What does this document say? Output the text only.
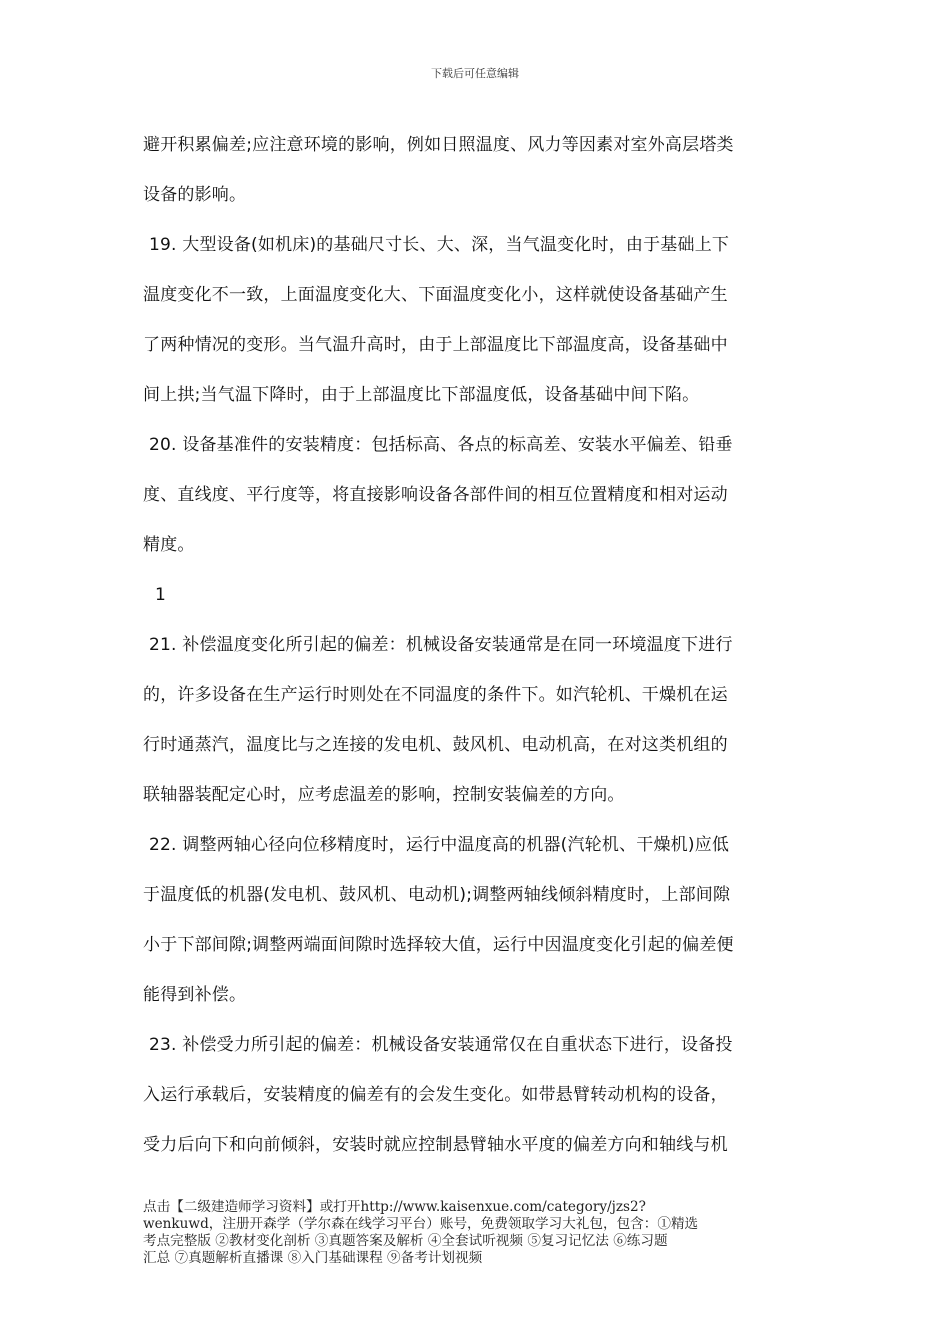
下载后可任意编辑
避开积累偏差;应注意环境的影响，例如日照温度、风力等因素对室外高层塔类
设备的影响。
19. 大型设备(如机床)的基础尺寸长、大、深，当气温变化时，由于基础上下
温度变化不一致，上面温度变化大、下面温度变化小，这样就使设备基础产生
了两种情况的变形。当气温升高时，由于上部温度比下部温度高，设备基础中
间上拱;当气温下降时，由于上部温度比下部温度低，设备基础中间下陷。
20. 设备基准件的安装精度：包括标高、各点的标高差、安装水平偏差、铅垂
度、直线度、平行度等，将直接影响设备各部件间的相互位置精度和相对运动
精度。
1
21. 补偿温度变化所引起的偏差：机械设备安装通常是在同一环境温度下进行
的，许多设备在生产运行时则处在不同温度的条件下。如汽轮机、干燥机在运
行时通蒸汽，温度比与之连接的发电机、鼓风机、电动机高，在对这类机组的
联轴器装配定心时，应考虑温差的影响，控制安装偏差的方向。
22. 调整两轴心径向位移精度时，运行中温度高的机器(汽轮机、干燥机)应低
于温度低的机器(发电机、鼓风机、电动机);调整两轴线倾斜精度时，上部间隙
小于下部间隙;调整两端面间隙时选择较大值，运行中因温度变化引起的偏差便
能得到补偿。
23. 补偿受力所引起的偏差：机械设备安装通常仅在自重状态下进行，设备投
入运行承载后，安装精度的偏差有的会发生变化。如带悬臂转动机构的设备，
受力后向下和向前倾斜，安装时就应控制悬臂轴水平度的偏差方向和轴线与机
点击【二级建造师学习资料】或打开http://www.kaisenxue.com/category/jzs2?
wenkuwd，注册开森学（学尔森在线学习平台）账号，免费领取学习大礼包，包含：①精选
考点完整版 ②教材变化剖析 ③真题答案及解析 ④全套试听视频 ⑤复习记忆法 ⑥练习题
汇总 ⑦真题解析直播课 ⑧入门基础课程 ⑨备考计划视频
